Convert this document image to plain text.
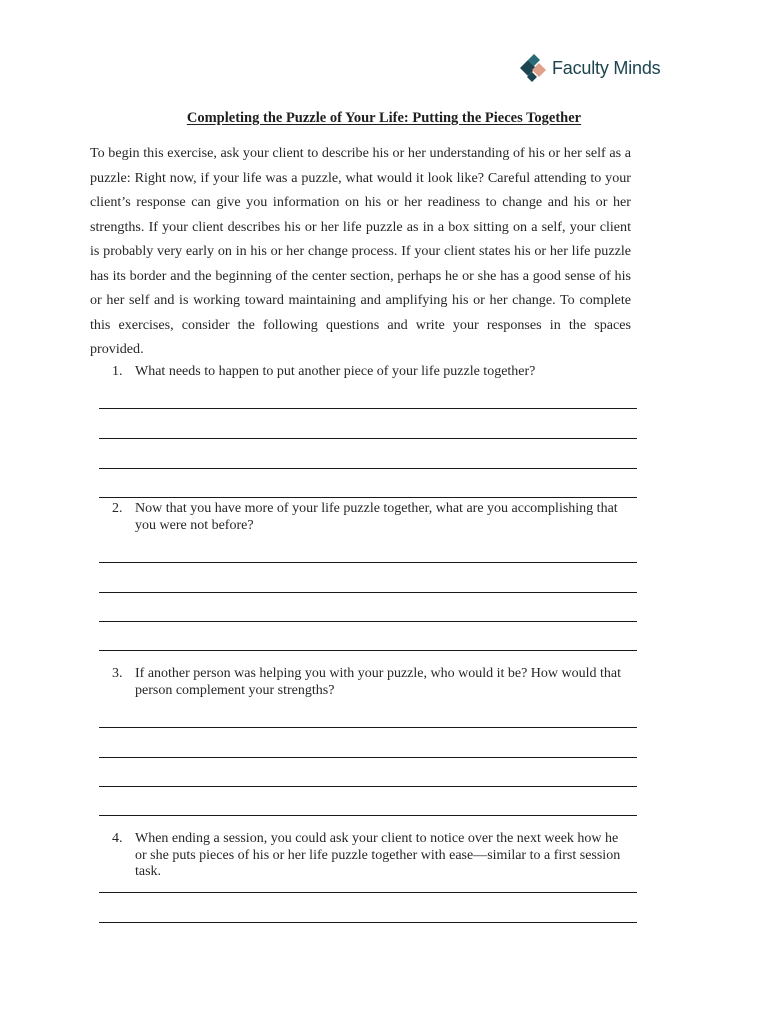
Faculty Minds
Completing the Puzzle of Your Life: Putting the Pieces Together

To begin this exercise, ask your client to describe his or her understanding of his or her self as a puzzle: Right now, if your life was a puzzle, what would it look like? Careful attending to your client’s response can give you information on his or her readiness to change and his or her strengths. If your client describes his or her life puzzle as in a box sitting on a self, your client is probably very early on in his or her change process. If your client states his or her life puzzle has its border and the beginning of the center section, perhaps he or she has a good sense of his or her self and is working toward maintaining and amplifying his or her change. To complete this exercises, consider the following questions and write your responses in the spaces provided.

1. What needs to happen to put another piece of your life puzzle together?
2. Now that you have more of your life puzzle together, what are you accomplishing that you were not before?
3. If another person was helping you with your puzzle, who would it be? How would that person complement your strengths?
4. When ending a session, you could ask your client to notice over the next week how he or she puts pieces of his or her life puzzle together with ease—similar to a first session task.
